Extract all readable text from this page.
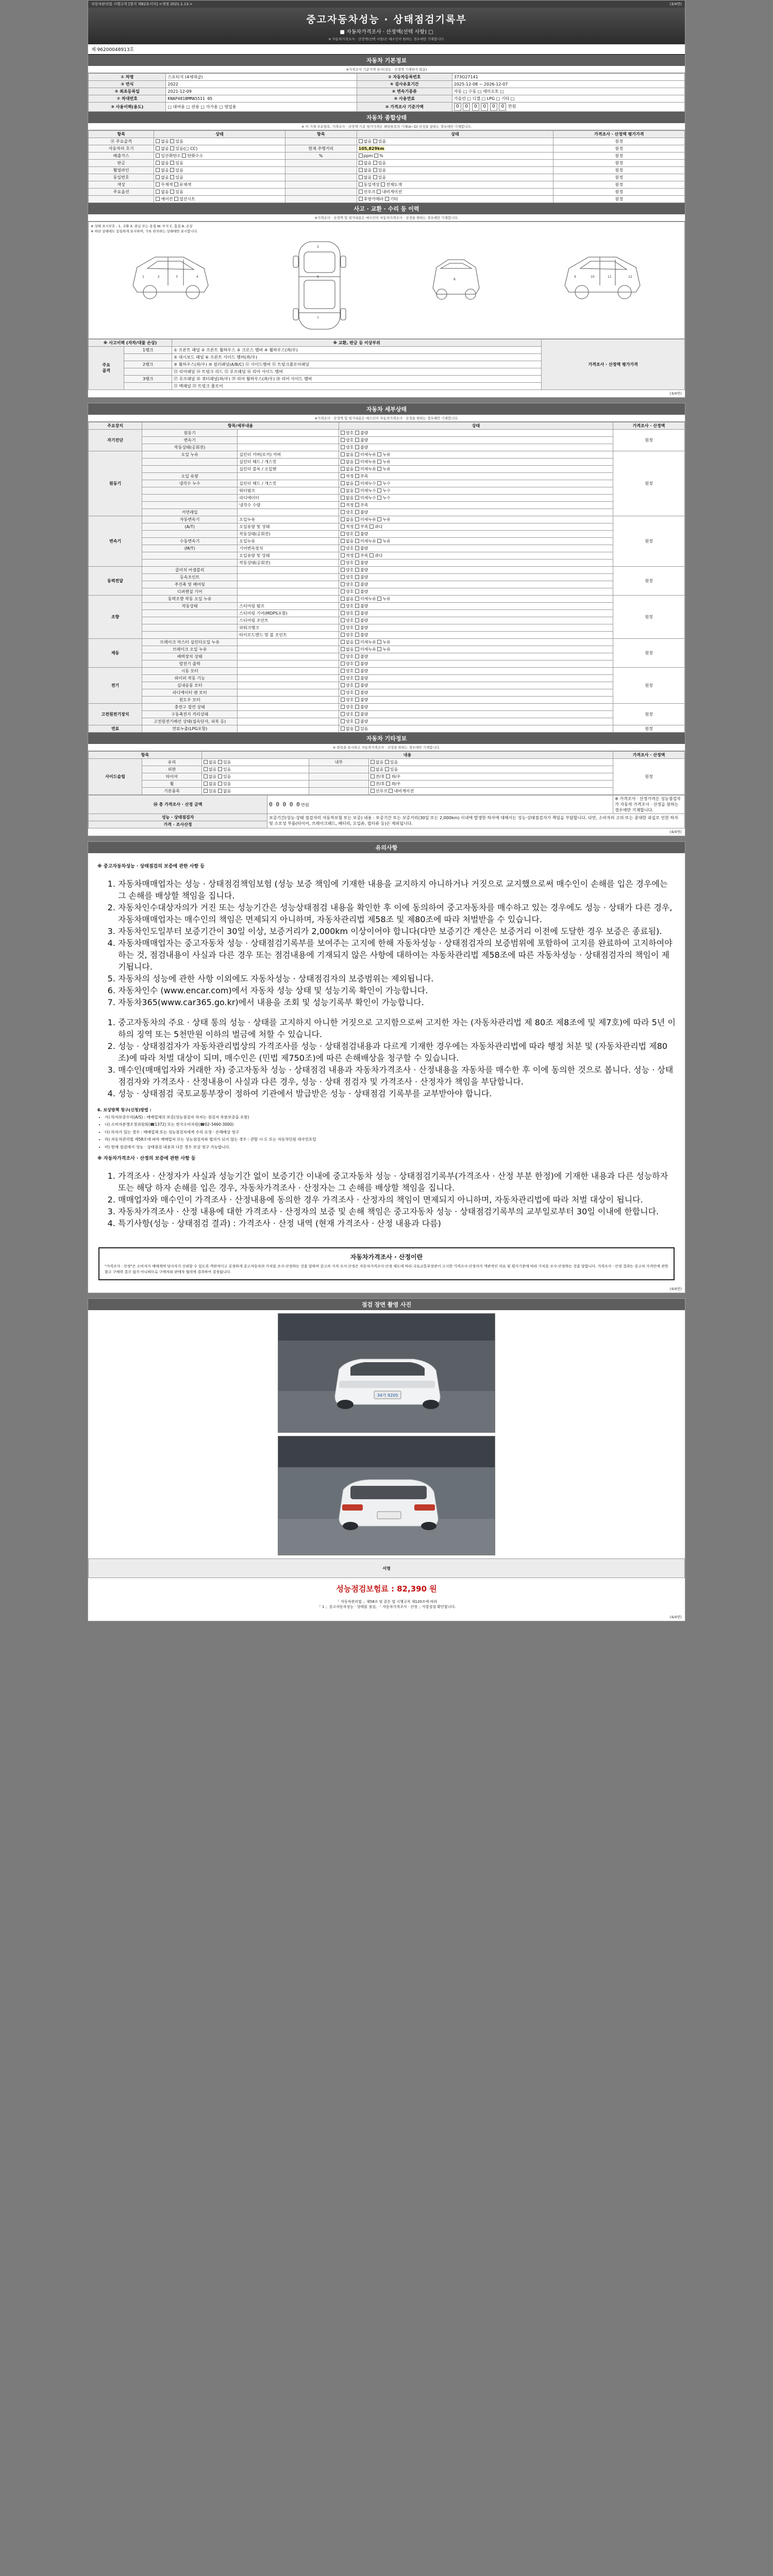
자동차관리법 시행규칙 [별지 제82호서식] <개정 2021.1.13.>	(3/4면)
중고자동차성능 · 상태점검기록부
■ 자동차가격조사 · 산정액(선택 사항) □
※ 자동차가격조사 · 산정액(선택 사항)은 매수인이 원하는 경우에만 기재합니다.
제 96200048913호
자동차 기본정보
※가격조사 기준가격 표시(성능 · 산정액 기재하지 않음)
① 차명	스포티지 (4세대급)	② 자동차등록번호	373O27141
③ 연식	2022	④ 검사유효기간	2025-12-08 ~ 2026-12-07
⑤ 최초등록일	2021-12-09	⑥ 변속기종류	자동 □ 수동 □ 세미오토 □
⑦ 차대번호	KNAP481BMMA5511 05	⑧ 사용연료	가솔린 □ 디젤 □ LPG □ 기타 □
⑨ 사용이력(용도)	□ 대여용 □ 관용 □ 자가용 □ 영업용	⑩ 가격조사 기준가액	0 0 0 0 0 0 만원
자동차 종합상태
※ 미 기재 주요항목. 가격조사 · 산정액 기준 평가가격은 해당항목의 기재(A~D) 선정을 참하는 경우에만 기재합니다.
항목	상태	항목	상태	가격조사 · 산정액 평가가격
⑪ 주요골격	없음 있음		없음 있음	원정
자동차의 호기	없음 있음(□ CC)	현재 주행거리	105,829km	원정
배출가스	일산화탄소 탄화수소	%	ppm %	원정
판금	없음 있음		없음 있음	원정
휠얼라인	없음 있음		없음 있음	원정
동일번호	없음 있음		없음 있음	원정
색상	무채색 유채색		동일색상 전체도색	원정
주요옵션	없음 있음		선루프 내비게이션	원정
	에어컨 열선시트		후방카메라 기타	원정
사고 · 교환 · 수리 등 이력
※가격조사 · 산정액 및 평가내용은 매수인이 자동차가격조사 · 산정을 원하는 경우에만 기재합니다.
※ 상태 표시부호 : 1. 교환 X. 판금 또는 용접 W. 부식 C. 흠집 A. 손상
※ 하단 상태에도 동일하게 표시하며, 기록 위치하는 상태에만 표시합니다.
1	2	3	4
5
6
7
8
9	10	11	12
※ 사고이력 (자차/대물 손상)		※ 교환, 판금 등 이상부위	가격조사 · 산정액 평가가격
주요
골격	1랭크	① 프론트 패널 ② 프론트 휠하우스 ③ 크로스 멤버 ④ 휠하우스(좌/우)	
		⑤ 대시보드 패널 ⑥ 프론트 사이드 멤버(좌/우)	
	2랭크	⑨ 휠하우스(좌/우) ⑩ 필러패널(A/B/C) ⑪ 사이드멤버 ⑫ 트렁크플로어패널	
		⑬ 리어패널 ⑭ 트렁크 리드 ⑮ 루프패널 ⑯ 리어 사이드 멤버	
	3랭크	⑰ 루프패널 ⑱ 쿼터패널(좌/우) ⑲ 리어 휠하우스(좌/우) ⑳ 리어 사이드 멤버	
		㉑ 백패널 ㉒ 트렁크 플로어	
(3/4면)
자동차 세부상태
※가격조사 · 산정액 및 평가내용은 매수인이 자동차가격조사 · 산정을 원하는 경우에만 기재합니다.
주요장치	항목/세부내용		상태	가격조사 · 산정액
자기진단	원동기		양호 불량	원정
	변속기		양호 불량	
	작동상태(공회전)		양호 불량	
원동기	오일 누유	실린더 커버(로커) 커버	없음 미세누유 누유	원정
		실린더 헤드 / 개스킷	없음 미세누유 누유	
		실린더 블록 / 오일팬	없음 미세누유 누유	
	오일 유량		적정 부족	
	냉각수 누수	실린더 헤드 / 개스킷	없음 미세누수 누수	
		워터펌프	없음 미세누수 누수	
		라디에이터	없음 미세누수 누수	
		냉각수 수량	적정 부족	
	커먼레일		양호 불량	
변속기	자동변속기	오일누유	없음 미세누유 누유	원정
	(A/T)	오일유량 및 상태	적정 부족 과다	
		작동상태(공회전)	양호 불량	
	수동변속기	오일누유	없음 미세누유 누유	
	(M/T)	기어변속장치	양호 불량	
		오일유량 및 상태	적정 부족 과다	
		작동상태(공회전)	양호 불량	
동력전달	클러치 어셈블리		양호 불량	원정
	등속조인트		양호 불량	
	추진축 및 베어링		양호 불량	
	디퍼렌셜 기어		양호 불량	
조향	동력조향 작동 오일 누유		없음 미세누유 누유	원정
	작동상태	스티어링 펌프	양호 불량	
		스티어링 기어(MDPS포함)	양호 불량	
		스티어링 조인트	양호 불량	
		파워크랭크	양호 불량	
		타이로드엔드 및 볼 조인트	양호 불량	
제동	브레이크 마스터 실린더오일 누유		없음 미세누유 누유	원정
	브레이크 오일 누유		없음 미세누유 누유	
	배력장치 상태		양호 불량	
	발전기 출력		양호 불량	
전기	시동 모터		양호 불량	원정
	와이퍼 작동 기능		양호 불량	
	실내송풍 모터		양호 불량	
	라디에이터 팬 모터		양호 불량	
	윈도우 모터		양호 불량	
고전원전기장치	충전구 절연 상태		양호 불량	원정
	구동축전지 격리상태		양호 불량	
	고전원전기배선 상태(접속단자, 피복 등)		양호 불량	
연료	연료누출(LPG포함)		없음 있음	원정
자동차 기타정보
※ 항목을 표시하고 자동차가격조사 · 산정을 원하는 경우에만 기재합니다.
항목		내용			가격조사 · 산정액
사이드슬립	유리	없음 있음	내부	없음 있음	원정
	외판	없음 있음		없음 있음	
	타이어	없음 있음		전/후 좌/우	
	휠	없음 있음		전/후 좌/우	
	기본품목	있음 없음		선루프 내비게이션	
⑭ 총 가격조사 · 산정 금액	0 0 0 0 0 만원	※ 가격조사 · 산정가격은 성능점검자가 자동차 가격조사 · 산정을 원하는 경우에만 기재합니다.
성능 · 상태점검자	보증기간(성능·상태 점검자의 자동차보험 또는 보증) 내용 : 보증기간 또는 보증거리(30일 또는 2,000km) 이내에 발생한 하자에 대해서는 성능·상태점검자가 책임을 부담합니다. 다만, 소비자의 고의 또는 중대한 과실로 인한 하자 및 소모성 부품(타이어, 브레이크패드, 배터리, 오일류, 필터류 등)은 제외됩니다.	
가격 · 조사산정		
(4/4면)
유의사항
※ 중고자동차성능 · 상태점검의 보증에 관한 사항 등
1. 자동차매매업자는 성능 · 상태점검책임보험 (성능 보증 책임에 기재한 내용을 교지하지 아니하거나 거짓으로 교지했으로써 매수인이 손해를 입은 경우에는 그 손해를 배상할 책임을 집니다.
2. 자동차인수대상자의가 거진 또는 성능기간은 성능상태점검 내용을 확인한 후 이에 동의하여 중고자동차를 매수하고 있는 경우에도 성능 · 상태가 다른 경우, 자동차매매업자는 매수인의 책임은 면제되지 아니하며, 자동차관리법 제58조 및 제80조에 따라 처벌받을 수 있습니다.
3. 자동차인도일부터 보증기간이 30일 이상, 보증거리가 2,000km 이상이어야 합니다(다만 보증기간 계산은 보증거리 이전에 도달한 경우 보증은 종료됨).
4. 자동차매매업자는 중고자동차 성능 · 상태점검기록부를 보여주는 고지에 한해 자동차성능 · 상태점검자의 보증범위에 포함하여 고지를 완료하여 고지하여야 하는 것, 점검내용이 사실과 다른 경우 또는 점검내용에 기재되지 않은 사항에 대하여는 자동차관리법 제58조에 따른 자동차성능 · 상태점검자의 책임이 제기됩니다.
5. 자동차의 성능에 관한 사항 이외에도 자동차성능 · 상태점검자의 보증범위는 제외됩니다.
6. 자동차인수 (www.encar.com)에서 자동차 성능 상태 및 성능기록 확인이 가능합니다.
7. 자동차365(www.car365.go.kr)에서 내용을 조회 및 성능기록부 확인이 가능합니다.
1. 중고자동차의 주요 · 상태 통의 성능 · 상태를 고지하지 아니한 거짓으로 고지함으로써 고지한 자는 (자동차관리법 제 80조 제8조에 및 제7호)에 따라 5년 이하의 징역 또는 5천만원 이하의 벌금에 처할 수 있습니다.
2. 성능 · 상태점검자가 자동차관리법상의 가격조사를 성능 · 상태점검내용과 다르게 기재한 경우에는 자동차관리법에 따라 행정 처분 및 (자동차관리법 제80조)에 따라 처벌 대상이 되며, 매수인은 (민법 제750조)에 따른 손해배상을 청구할 수 있습니다.
3. 매수인(매매업자와 거래한 자) 중고자동차 성능 · 상태점검 내용과 자동차가격조사 · 산정내용을 자동차를 매수한 후 이에 동의한 것으로 봅니다. 성능 · 상태 점검자와 가격조사 · 산정내용이 사실과 다른 경우, 성능 · 상태 점검자 및 가격조사 · 산정자가 책임을 부담합니다.
4. 성능 · 상태점검 국토교통부장이 정하여 기관에서 발급받은 성능 · 상태점검 기록부를 교부받아야 합니다.
6. 보상방책 청구(신청)방법 :
• 가) 하자보증수리(A/S) : 매매업체의 보증(성능점검자 하자는 점검자 부분보증을 포함)
• 나) 소비자분쟁조정위원회(☎1372) 또는 한국소비자원(☎02-3460-3000)
• 다) 하자가 있는 경우 : 매매업체 또는 성능점검자에게 수리 요청 · 손해배상 청구
• 라) 자동차관리법 제58조에 따라 매매업자 또는 성능점검자와 협의가 되지 않는 경우 : 관할 시·도 또는 자동차민원 대국민포털
• 마) 현재 점검에서 성능 · 상태점검 내용과 다른 경우 보상 청구 가능합니다.
※ 자동차가격조사 · 산정의 보증에 관한 사항 등
1. 가격조사 · 산정자가 사실과 성능기간 없이 보증기간 이내에 중고자동차 성능 · 상태점검기록부(가격조사 · 산정 부분 한정)에 기재한 내용과 다른 성능하자 또는 해당 하자 손해를 입은 경우, 자동차가격조사 · 산정자는 그 손해를 배상할 책임을 집니다.
2. 매매업자와 매수인이 가격조사 · 산정내용에 동의한 경우 가격조사 · 산정자의 책임이 면제되지 아니하며, 자동차관리법에 따라 처벌 대상이 됩니다.
3. 자동차가격조사 · 산정 내용에 대한 가격조사 · 산정자의 보증 및 손해 책임은 중고자동차 성능 · 상태점검기록부의 교부일로부터 30일 이내에 한합니다.
4. 특기사항(성능 · 상태점검 결과) : 가격조사 · 산정 내역 (현재 가격조사 · 산정 내용과 다름)
자동차가격조사 · 산정이란
"가격조사 · 산정"은 소비자가 매매계약 당사자가 신뢰할 수 있도록 객관적이고 공정하게 중고자동차의 가치를 조사·산정하는 것을 말하며 중고차 가격 조사·산정은 자동차가격조사·산정 제도에 따라 국토교통부장관이 고시한 가격조사·산정자가 객관적인 자료 및 평가기준에 따라 가치를 조사·산정하는 것을 말합니다. 가격조사 · 산정 결과는 중고차 가격안에 관한 참고 구매력 결코 쉽지 아니하므로 구매자와 판매자 협의에 결과하여 결정됩니다.
(4/4면)
점검 장면 촬영 사진
34가 9205
서명
성능점검보험료 : 82,390 원
「 자동차관리법 」제58조 및 같은 법 시행규칙 제120조에 따라
「 1 」중고자동차성능 · 상태를 점검, 「 자동차가격조사 · 산정 」사항검검 확인합니다.
(4/4면)
